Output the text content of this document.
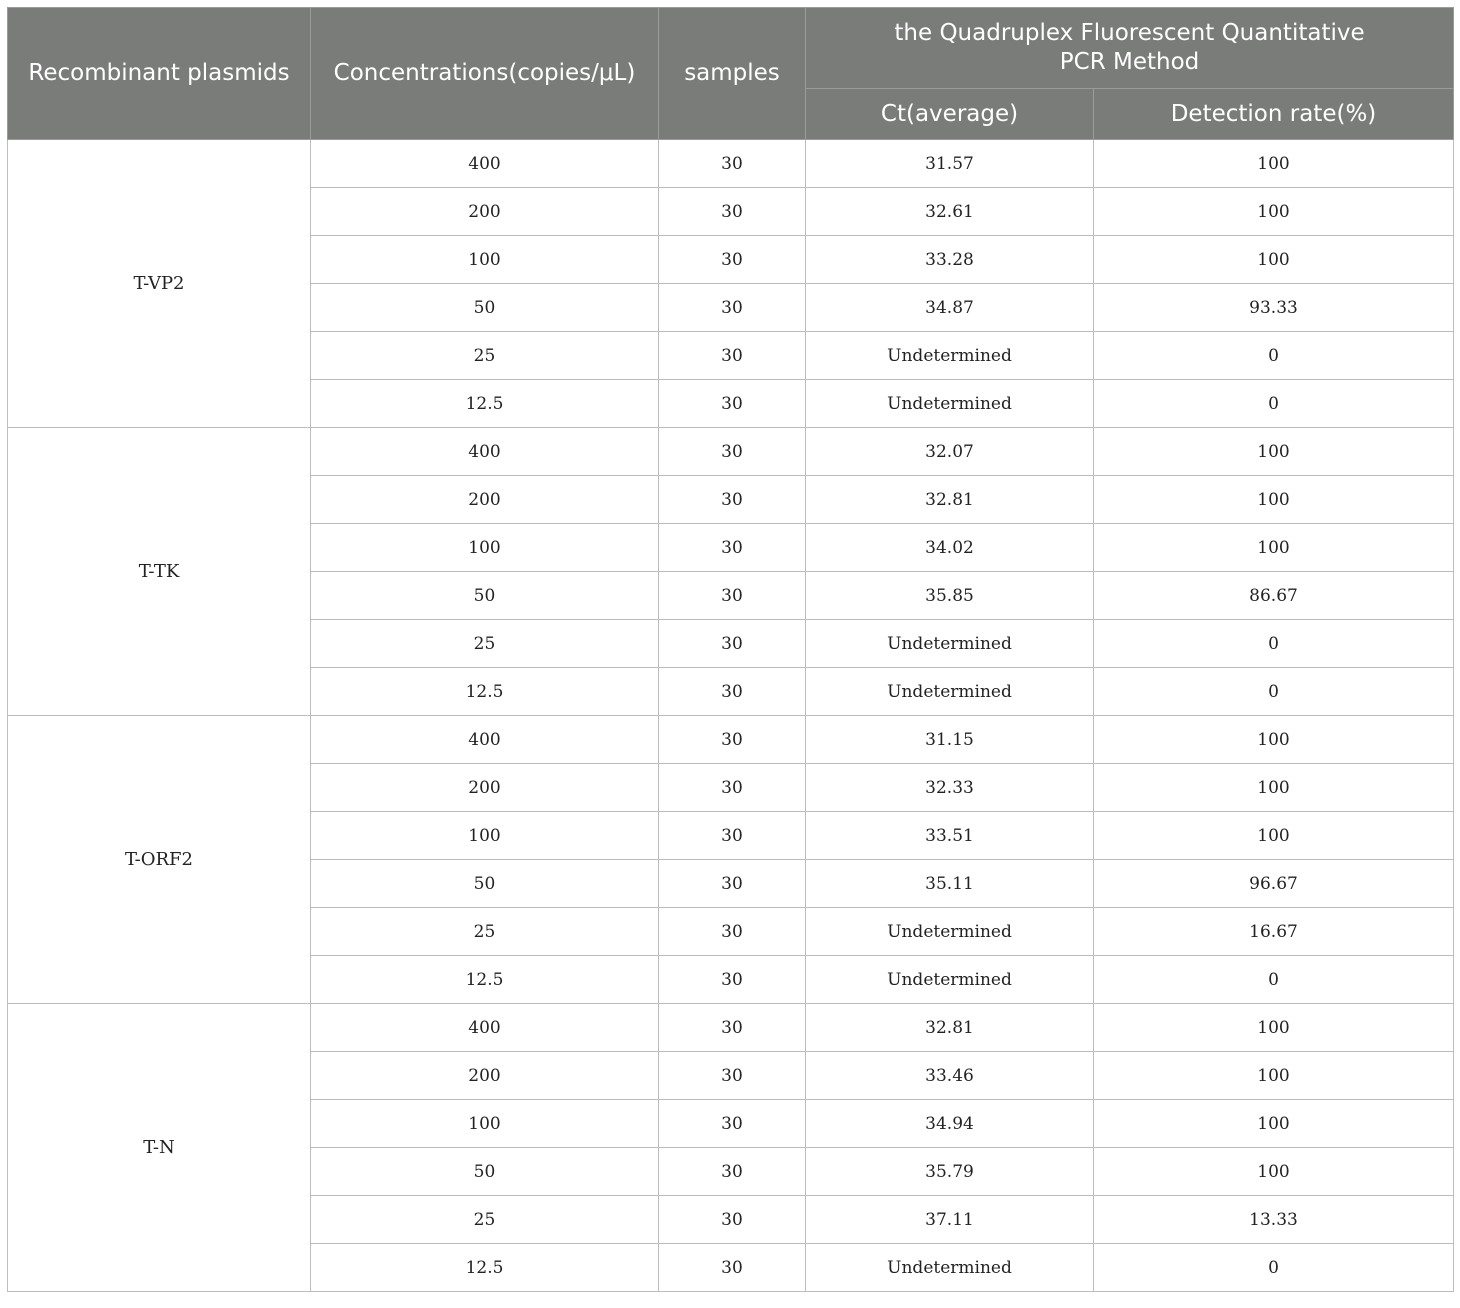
Recombinant plasmids	Concentrations(copies/μL)	samples	the Quadruplex Fluorescent Quantitative
PCR Method	
			Ct(average)	Detection rate(%)
T-VP2	400	30	31.57	100
	200	30	32.61	100
	100	30	33.28	100
	50	30	34.87	93.33
	25	30	Undetermined	0
	12.5	30	Undetermined	0
T-TK	400	30	32.07	100
	200	30	32.81	100
	100	30	34.02	100
	50	30	35.85	86.67
	25	30	Undetermined	0
	12.5	30	Undetermined	0
T-ORF2	400	30	31.15	100
	200	30	32.33	100
	100	30	33.51	100
	50	30	35.11	96.67
	25	30	Undetermined	16.67
	12.5	30	Undetermined	0
T-N	400	30	32.81	100
	200	30	33.46	100
	100	30	34.94	100
	50	30	35.79	100
	25	30	37.11	13.33
	12.5	30	Undetermined	0
